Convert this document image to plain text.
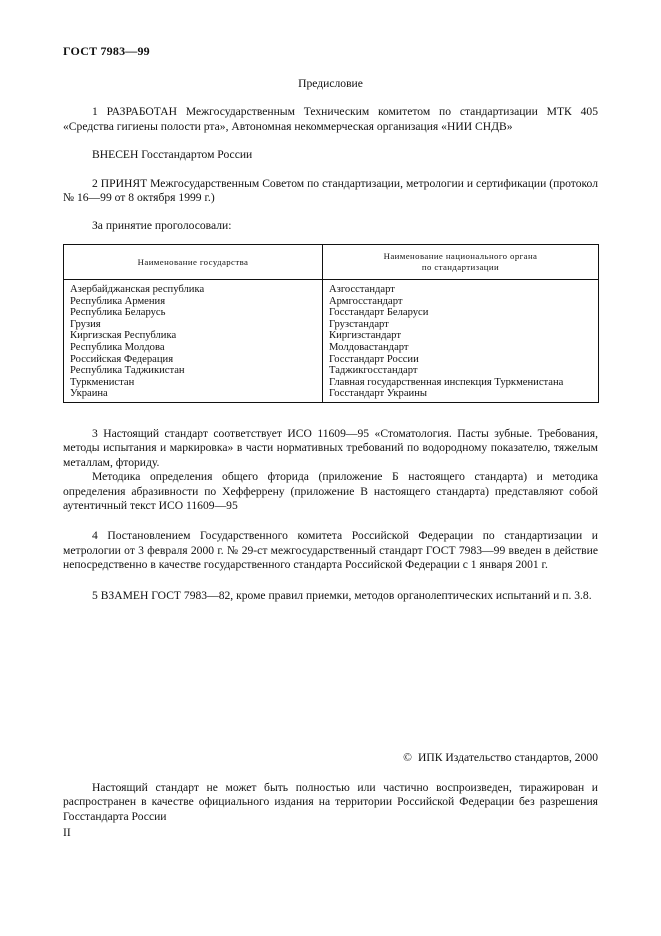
ГОСТ 7983—99

Предисловие

1 РАЗРАБОТАН Межгосударственным Техническим комитетом по стандартизации МТК 405 «Средства гигиены полости рта», Автономная некоммерческая организация «НИИ СНДВ»

ВНЕСЕН Госстандартом России

2 ПРИНЯТ Межгосударственным Советом по стандартизации, метрологии и сертификации (протокол № 16—99 от 8 октября 1999 г.)

За принятие проголосовали:

Наименование государства	Наименование национального органа
по стандартизации

Азербайджанская республика	Азгосстандарт
Республика Армения	Армгосстандарт
Республика Беларусь	Госстандарт Беларуси
Грузия	Грузстандарт
Киргизская Республика	Киргизстандарт
Республика Молдова	Молдовастандарт
Российская Федерация	Госстандарт России
Республика Таджикистан	Таджикгосстандарт
Туркменистан	Главная государственная инспекция Туркменистана
Украина	Госстандарт Украины

3 Настоящий стандарт соответствует ИСО 11609—95 «Стоматология. Пасты зубные. Требования, методы испытания и маркировка» в части нормативных требований по водородному показателю, тяжелым металлам, фториду.

Методика определения общего фторида (приложение Б настоящего стандарта) и методика определения абразивности по Хефферрену (приложение В настоящего стандарта) представляют собой аутентичный текст ИСО 11609—95

4 Постановлением Государственного комитета Российской Федерации по стандартизации и метрологии от 3 февраля 2000 г. № 29-ст межгосударственный стандарт ГОСТ 7983—99 введен в действие непосредственно в качестве государственного стандарта Российской Федерации с 1 января 2001 г.

5 ВЗАМЕН ГОСТ 7983—82, кроме правил приемки, методов органолептических испытаний и п. 3.8.

© ИПК Издательство стандартов, 2000

Настоящий стандарт не может быть полностью или частично воспроизведен, тиражирован и распространен в качестве официального издания на территории Российской Федерации без разрешения Госстандарта России

II
